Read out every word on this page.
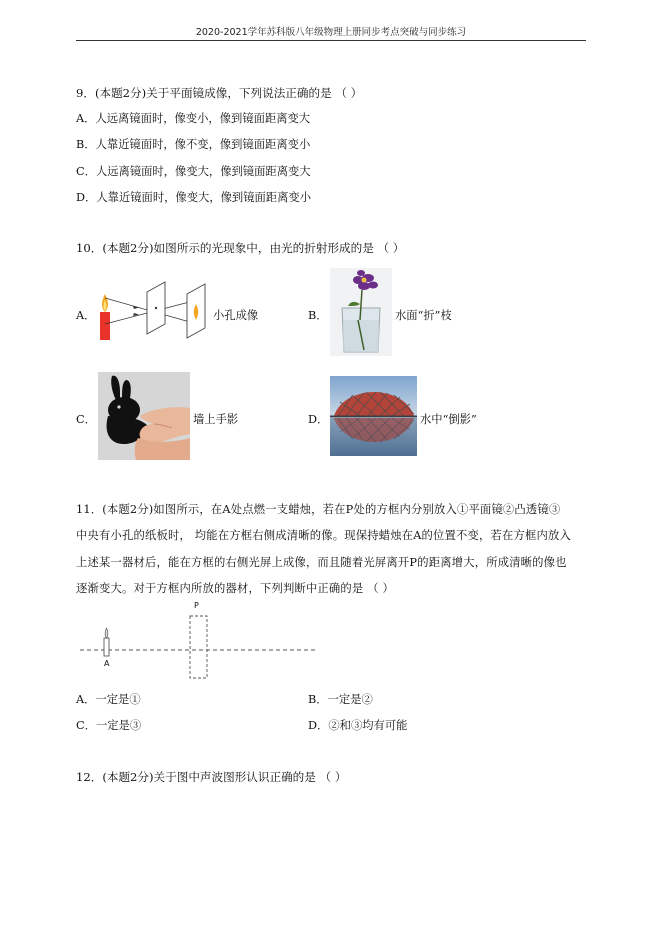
2020-2021学年苏科版八年级物理上册同步考点突破与同步练习
9．(本题2分)关于平面镜成像，下列说法正确的是 （ ）
A．人远离镜面时，像变小，像到镜面距离变大
B．人靠近镜面时，像不变，像到镜面距离变小
C．人远离镜面时，像变大，像到镜面距离变大
D．人靠近镜面时，像变大，像到镜面距离变小
10．(本题2分)如图所示的光现象中，由光的折射形成的是 （ ）
A．	小孔成像	B．	水面“折”枝
C．	墙上手影	D．	水中“倒影”
11．(本题2分)如图所示，在A处点燃一支蜡烛，若在P处的方框内分别放入①平面镜②凸透镜③
中央有小孔的纸板时， 均能在方框右侧成清晰的像。现保持蜡烛在A的位置不变，若在方框内放入
上述某一器材后，能在方框的右侧光屏上成像，而且随着光屏离开P的距离增大，所成清晰的像也
逐渐变大。对于方框内所放的器材，下列判断中正确的是 （ ）
P
A
A．一定是①	B．一定是②
C．一定是③	D．②和③均有可能
12．(本题2分)关于图中声波图形认识正确的是 （ ）
